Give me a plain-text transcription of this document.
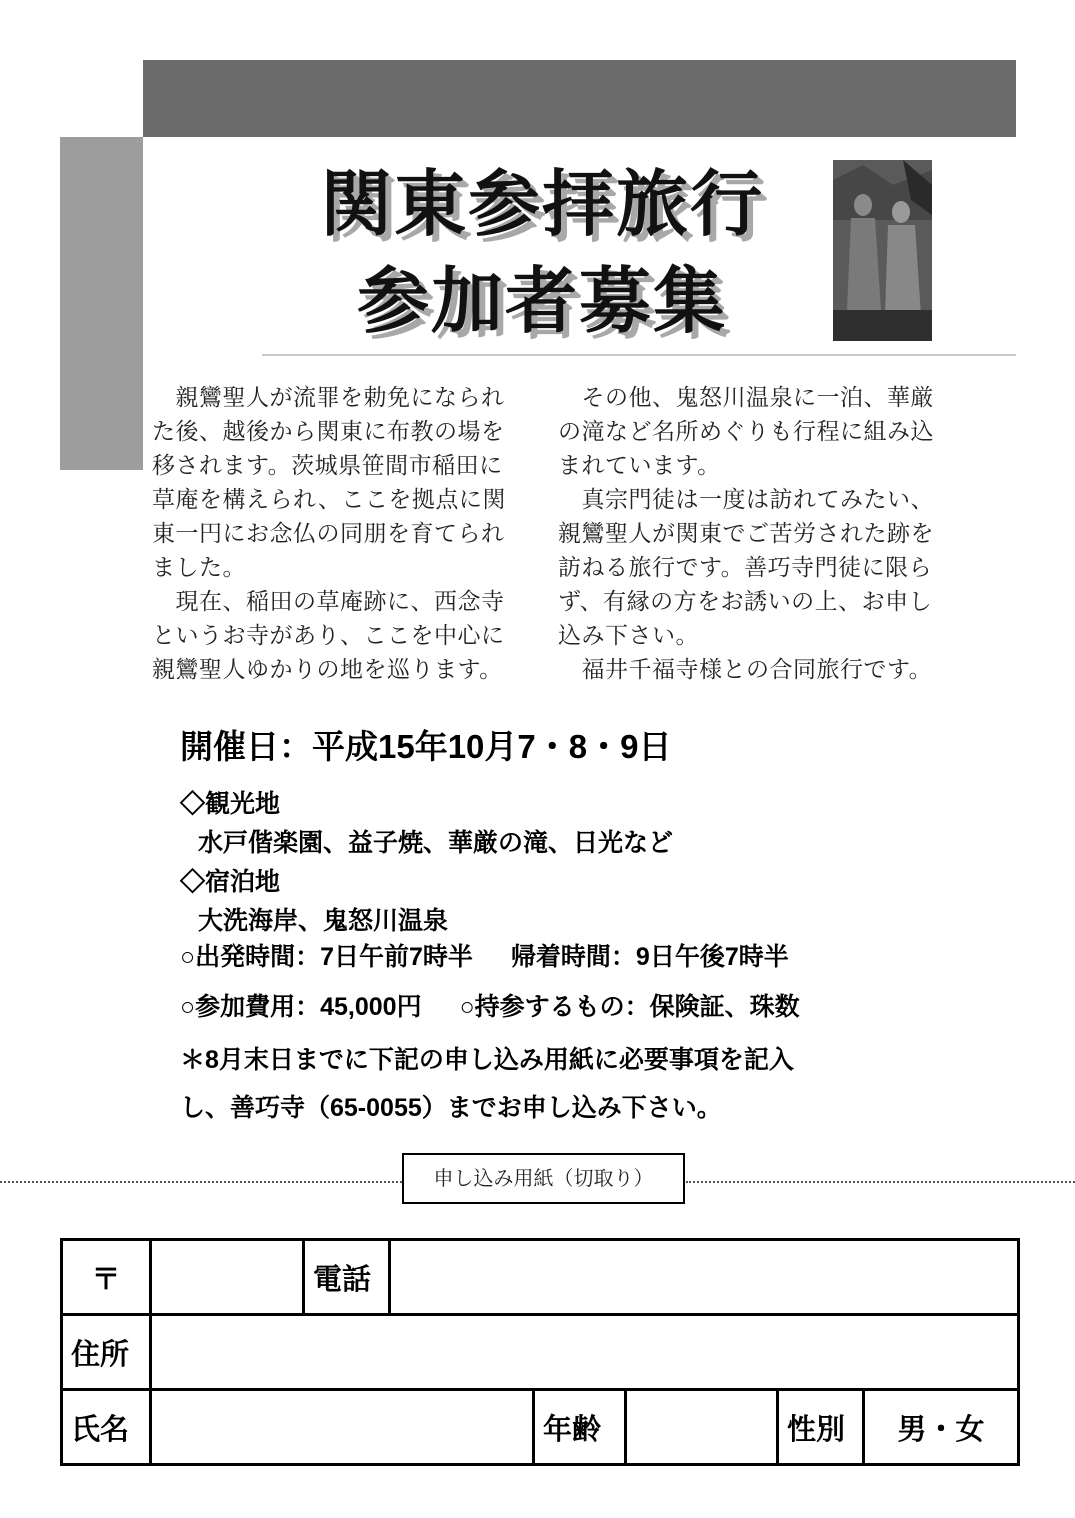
関東参拝旅行
参加者募集

　親鸞聖人が流罪を勅免になられた後、越後から関東に布教の場を移されます。茨城県笹間市稲田に草庵を構えられ、ここを拠点に関東一円にお念仏の同朋を育てられました。

　現在、稲田の草庵跡に、西念寺というお寺があり、ここを中心に親鸞聖人ゆかりの地を巡ります。

　その他、鬼怒川温泉に一泊、華厳の滝など名所めぐりも行程に組み込まれています。

　真宗門徒は一度は訪れてみたい、親鸞聖人が関東でご苦労された跡を訪ねる旅行です。善巧寺門徒に限らず、有縁の方をお誘いの上、お申し込み下さい。

　福井千福寺様との合同旅行です。

開催日：平成15年10月7・8・9日
◇観光地
水戸偕楽園、益子焼、華厳の滝、日光など
◇宿泊地
大洗海岸、鬼怒川温泉
○出発時間：7日午前7時半 帰着時間：9日午後7時半
○参加費用：45,000円 ○持参するもの：保険証、珠数
＊8月末日までに下記の申し込み用紙に必要事項を記入
し、善巧寺（65-0055）までお申し込み下さい。
申し込み用紙（切取り）
〒		電話					
住所							
氏名				年齢		性別	男・女
